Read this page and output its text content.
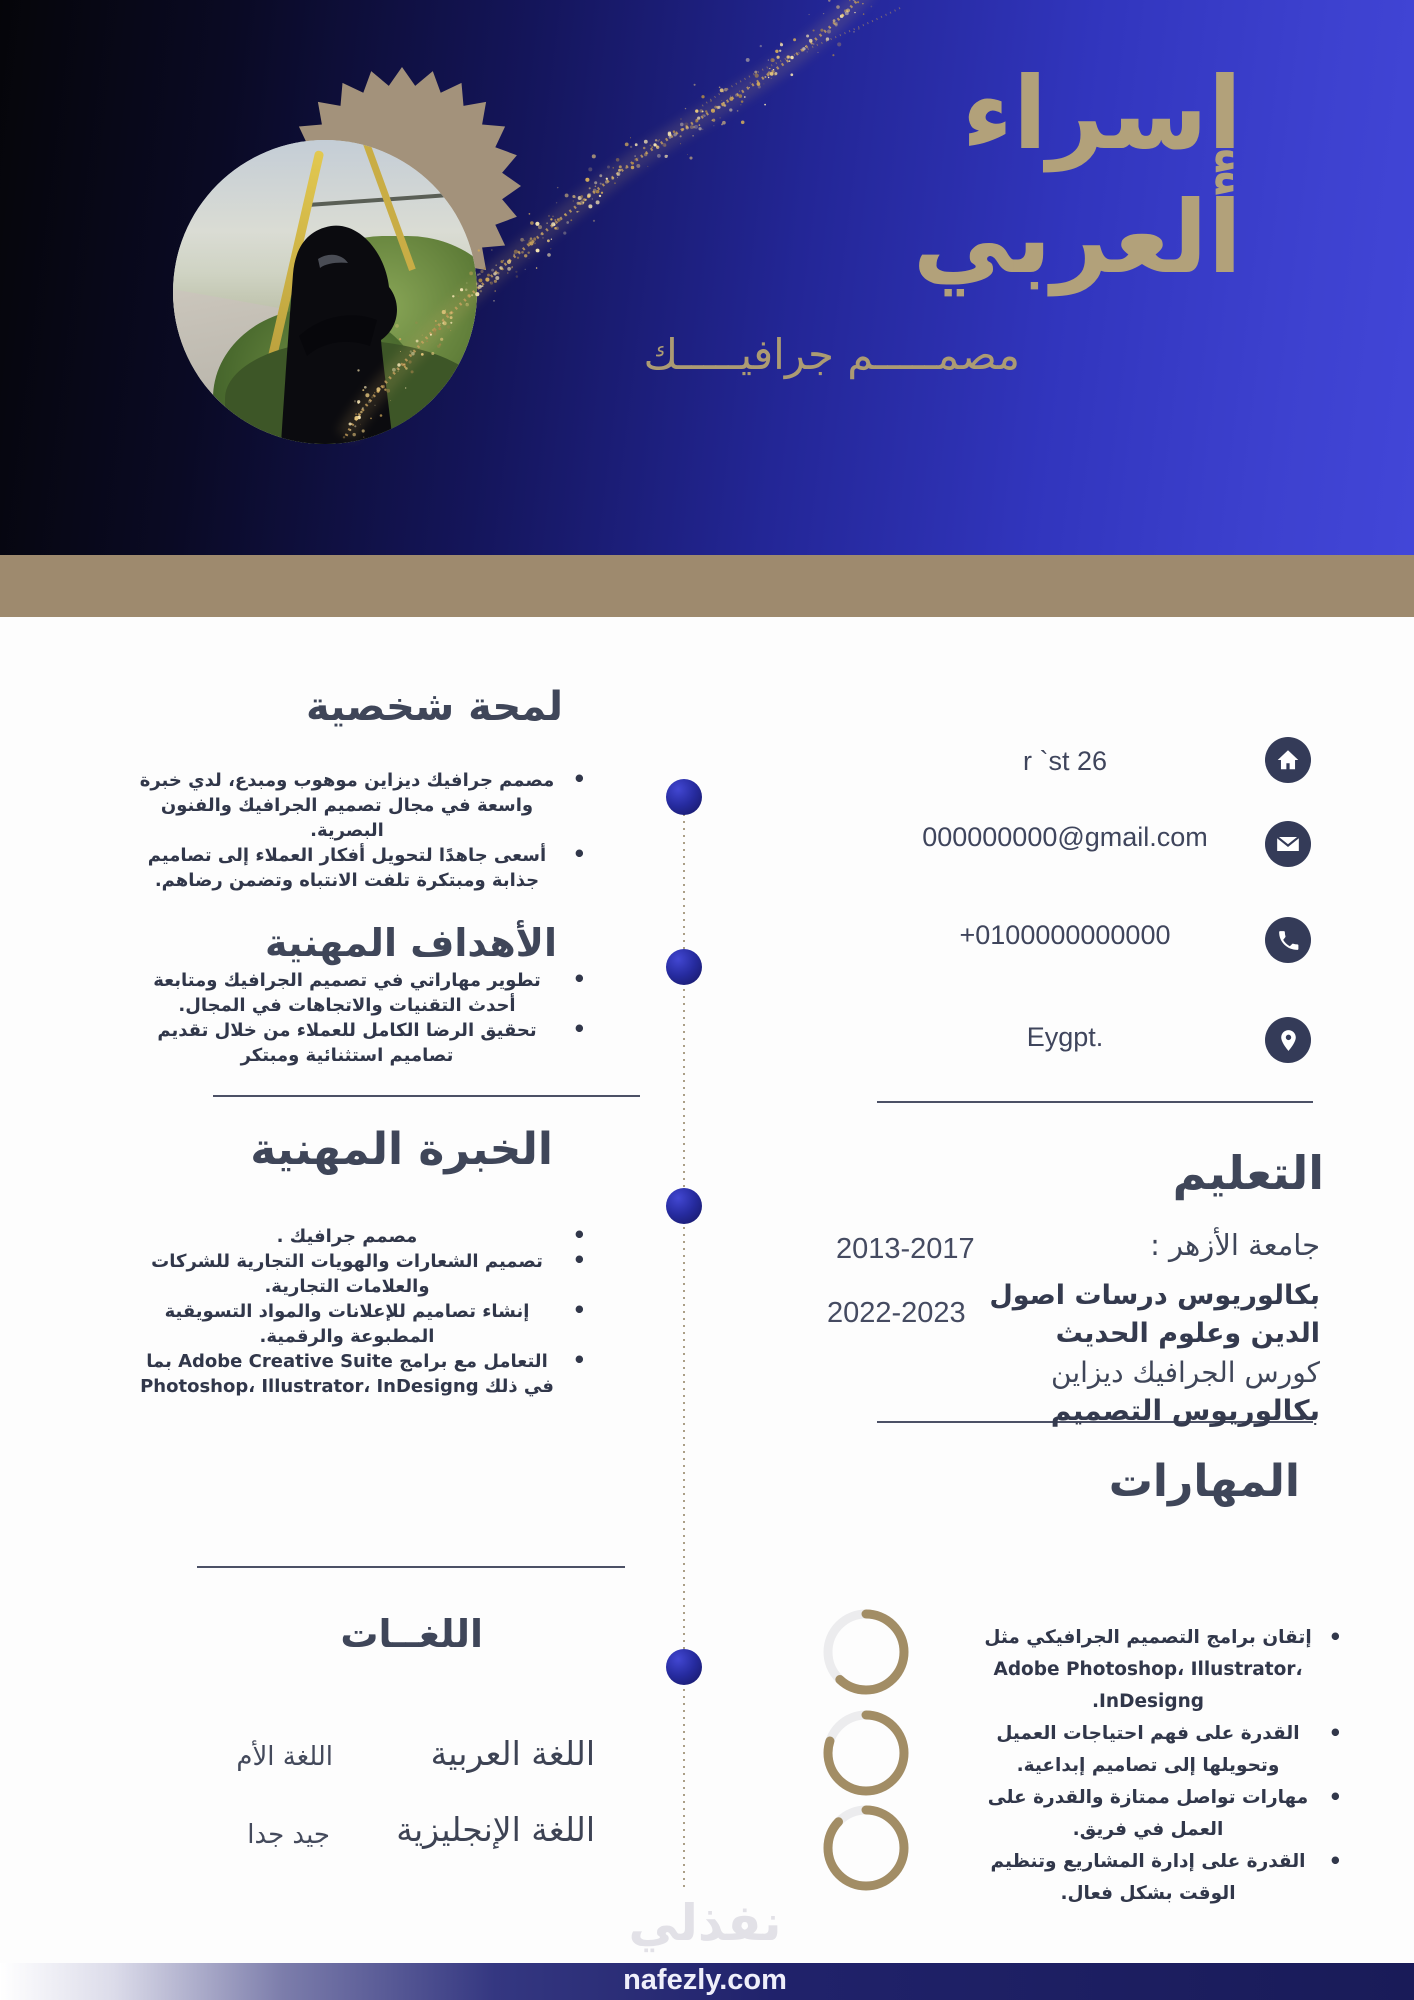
إسراء
ألعربي
مصمـــــم جرافيـــــك
r `st 26
000000000@gmail.com
+0100000000000
Eygpt.
لمحة شخصية
• مصمم جرافيك ديزاين موهوب ومبدع، لدي خبرة واسعة في مجال تصميم الجرافيك والفنون البصرية.
• أسعى جاهدًا لتحويل أفكار العملاء إلى تصاميم جذابة ومبتكرة تلفت الانتباه وتضمن رضاهم.
الأهداف المهنية
• تطوير مهاراتي في تصميم الجرافيك ومتابعة أحدث التقنيات والاتجاهات في المجال.
• تحقيق الرضا الكامل للعملاء من خلال تقديم تصاميم استثنائية ومبتكر
الخبرة المهنية
• مصمم جرافيك .
• تصميم الشعارات والهويات التجارية للشركات والعلامات التجارية.
• إنشاء تصاميم للإعلانات والمواد التسويقية المطبوعة والرقمية.
• التعامل مع برامج Adobe Creative Suite بما في ذلك Photoshop، Illustrator، InDesigng
اللغــات
اللغة العربية
اللغة الأم
اللغة الإنجليزية
جيد جدا
التعليم
جامعة الأزهر :
2013-2017
بكالوريوس درسات اصول
الدين وعلوم الحديث
2022-2023
كورس الجرافيك ديزاين
بكالوريوس التصميم
المهارات
• إتقان برامج التصميم الجرافيكي مثل Adobe Photoshop، Illustrator، InDesigng.
• القدرة على فهم احتياجات العميل وتحويلها إلى تصاميم إبداعية.
• مهارات تواصل ممتازة والقدرة على العمل في فريق.
• القدرة على إدارة المشاريع وتنظيم الوقت بشكل فعال.
نفذلي
nafezly.com
